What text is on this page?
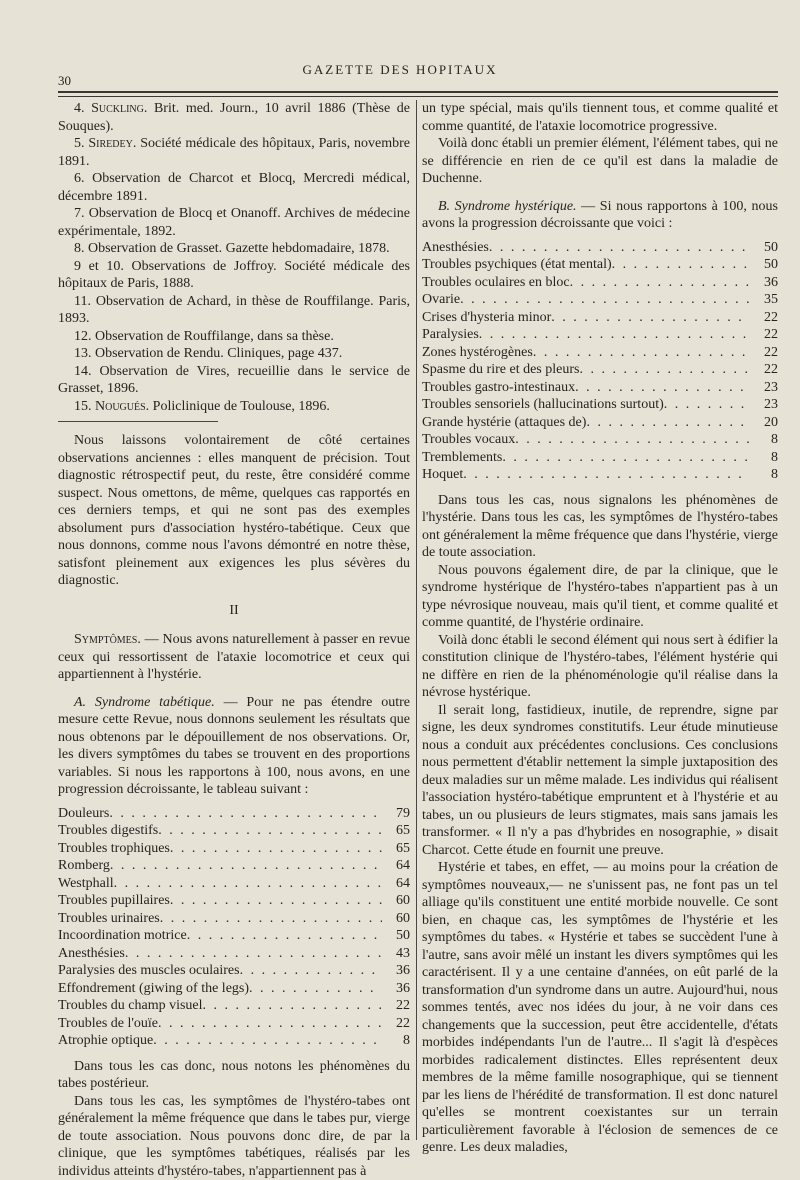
30
GAZETTE DES HOPITAUX

4. Suckling. Brit. med. Journ., 10 avril 1886 (Thèse de Souques).

5. Siredey. Société médicale des hôpitaux, Paris, novembre 1891.

6. Observation de Charcot et Blocq, Mercredi médical, décembre 1891.

7. Observation de Blocq et Onanoff. Archives de médecine expérimentale, 1892.

8. Observation de Grasset. Gazette hebdomadaire, 1878.

9 et 10. Observations de Joffroy. Société médicale des hôpitaux de Paris, 1888.

11. Observation de Achard, in thèse de Rouffilange. Paris, 1893.

12. Observation de Rouffilange, dans sa thèse.

13. Observation de Rendu. Cliniques, page 437.

14. Observation de Vires, recueillie dans le service de Grasset, 1896.

15. Nougués. Policlinique de Toulouse, 1896.

Nous laissons volontairement de côté certaines observations anciennes : elles manquent de précision. Tout diagnostic rétrospectif peut, du reste, être considéré comme suspect. Nous omettons, de même, quelques cas rapportés en ces derniers temps, et qui ne sont pas des exemples absolument purs d'association hystéro-tabétique. Ceux que nous donnons, comme nous l'avons démontré en notre thèse, satisfont pleinement aux exigences les plus sévères du diagnostic.

II

Symptômes. — Nous avons naturellement à passer en revue ceux qui ressortissent de l'ataxie locomotrice et ceux qui appartiennent à l'hystérie.

A. Syndrome tabétique. — Pour ne pas étendre outre mesure cette Revue, nous donnons seulement les résultats que nous obtenons par le dépouillement de nos observations. Or, les divers symptômes du tabes se trouvent en des proportions variables. Si nous les rapportons à 100, nous avons, en une progression décroissante, le tableau suivant :

Douleurs . . .	79
Troubles digestifs . . .	65
Troubles trophiques . . .	65
Romberg . . .	64
Westphall . . .	64
Troubles pupillaires . . .	60
Troubles urinaires . . .	60
Incoordination motrice . . .	50
Anesthésies . . .	43
Paralysies des muscles oculaires . . .	36
Effondrement (giwing of the legs) . . .	36
Troubles du champ visuel . . .	22
Troubles de l'ouïe . . .	22
Atrophie optique . . .	8

Dans tous les cas donc, nous notons les phénomènes du tabes postérieur.

Dans tous les cas, les symptômes de l'hystéro-tabes ont généralement la même fréquence que dans le tabes pur, vierge de toute association. Nous pouvons donc dire, de par la clinique, que les symptômes tabétiques, réalisés par les individus atteints d'hystéro-tabes, n'appartiennent pas à

un type spécial, mais qu'ils tiennent tous, et comme qualité et comme quantité, de l'ataxie locomotrice progressive.

Voilà donc établi un premier élément, l'élément tabes, qui ne se différencie en rien de ce qu'il est dans la maladie de Duchenne.

B. Syndrome hystérique. — Si nous rapportons à 100, nous avons la progression décroissante que voici :

Anesthésies . . .	50
Troubles psychiques (état mental) . . .	50
Troubles oculaires en bloc . . .	36
Ovarie . . .	35
Crises d'hysteria minor . . .	22
Paralysies . . .	22
Zones hystérogènes . . .	22
Spasme du rire et des pleurs . . .	22
Troubles gastro-intestinaux . . .	23
Troubles sensoriels (hallucinations surtout) . . .	23
Grande hystérie (attaques de) . . .	20
Troubles vocaux . . .	8
Tremblements . . .	8
Hoquet . . .	8

Dans tous les cas, nous signalons les phénomènes de l'hystérie. Dans tous les cas, les symptômes de l'hystéro-tabes ont généralement la même fréquence que dans l'hystérie, vierge de toute association.

Nous pouvons également dire, de par la clinique, que le syndrome hystérique de l'hystéro-tabes n'appartient pas à un type névrosique nouveau, mais qu'il tient, et comme qualité et comme quantité, de l'hystérie ordinaire.

Voilà donc établi le second élément qui nous sert à édifier la constitution clinique de l'hystéro-tabes, l'élément hystérie qui ne diffère en rien de la phénoménologie qu'il réalise dans la névrose hystérique.

Il serait long, fastidieux, inutile, de reprendre, signe par signe, les deux syndromes constitutifs. Leur étude minutieuse nous a conduit aux précédentes conclusions. Ces conclusions nous permettent d'établir nettement la simple juxtaposition des deux maladies sur un même malade. Les individus qui réalisent l'association hystéro-tabétique empruntent et à l'hystérie et au tabes, un ou plusieurs de leurs stigmates, mais sans jamais les transformer. « Il n'y a pas d'hybrides en nosographie, » disait Charcot. Cette étude en fournit une preuve.

Hystérie et tabes, en effet, — au moins pour la création de symptômes nouveaux,— ne s'unissent pas, ne font pas un tel alliage qu'ils constituent une entité morbide nouvelle. Ce sont bien, en chaque cas, les symptômes de l'hystérie et les symptômes du tabes. « Hystérie et tabes se succèdent l'une à l'autre, sans avoir mêlé un instant les divers symptômes qui les caractérisent. Il y a une centaine d'années, on eût parlé de la transformation d'un syndrome dans un autre. Aujourd'hui, nous sommes tentés, avec nos idées du jour, à ne voir dans ces changements que la succession, peut être accidentelle, d'états morbides indépendants l'un de l'autre... Il s'agit là d'espèces morbides radicalement distinctes. Elles représentent deux membres de la même famille nosographique, qui se tiennent par les liens de l'hérédité de transformation. Il est donc naturel qu'elles se montrent coexistantes sur un terrain particulièrement favorable à l'éclosion de semences de ce genre. Les deux maladies,
